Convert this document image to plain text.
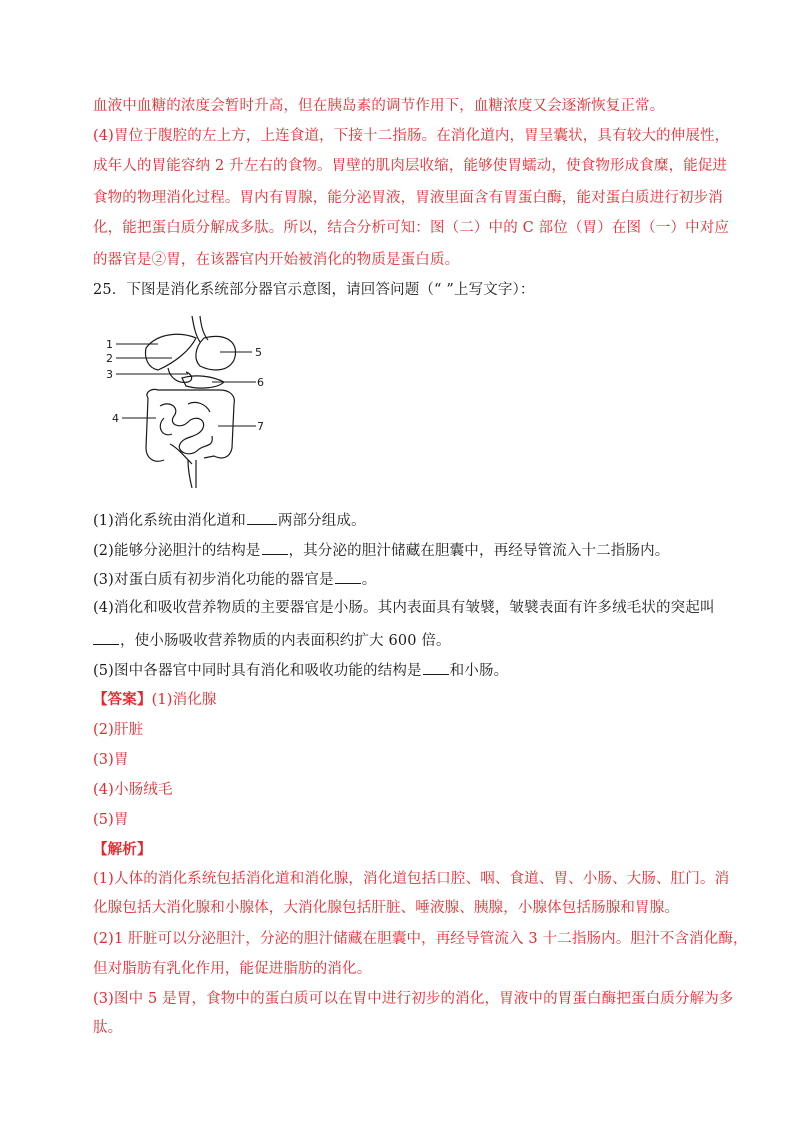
血液中血糖的浓度会暂时升高，但在胰岛素的调节作用下，血糖浓度又会逐渐恢复正常。
(4)胃位于腹腔的左上方，上连食道，下接十二指肠。在消化道内，胃呈囊状，具有较大的伸展性，
成年人的胃能容纳 2 升左右的食物。胃壁的肌肉层收缩，能够使胃蠕动，使食物形成食糜，能促进
食物的物理消化过程。胃内有胃腺，能分泌胃液，胃液里面含有胃蛋白酶，能对蛋白质进行初步消
化，能把蛋白质分解成多肽。所以，结合分析可知：图（二）中的 C 部位（胃）在图（一）中对应
的器官是②胃，在该器官内开始被消化的物质是蛋白质。
25．下图是消化系统部分器官示意图，请回答问题（“ ”上写文字）：
1
2
3
4
5
6
7
(1)消化系统由消化道和 两部分组成。
(2)能够分泌胆汁的结构是 ，其分泌的胆汁储藏在胆囊中，再经导管流入十二指肠内。
(3)对蛋白质有初步消化功能的器官是 。
(4)消化和吸收营养物质的主要器官是小肠。其内表面具有皱襞，皱襞表面有许多绒毛状的突起叫
，使小肠吸收营养物质的内表面积约扩大 600 倍。
(5)图中各器官中同时具有消化和吸收功能的结构是 和小肠。
【答案】(1)消化腺
(2)肝脏
(3)胃
(4)小肠绒毛
(5)胃
【解析】
(1)人体的消化系统包括消化道和消化腺，消化道包括口腔、咽、食道、胃、小肠、大肠、肛门。消
化腺包括大消化腺和小腺体，大消化腺包括肝脏、唾液腺、胰腺，小腺体包括肠腺和胃腺。
(2)1 肝脏可以分泌胆汁，分泌的胆汁储藏在胆囊中，再经导管流入 3 十二指肠内。胆汁不含消化酶，
但对脂肪有乳化作用，能促进脂肪的消化。
(3)图中 5 是胃，食物中的蛋白质可以在胃中进行初步的消化，胃液中的胃蛋白酶把蛋白质分解为多
肽。
